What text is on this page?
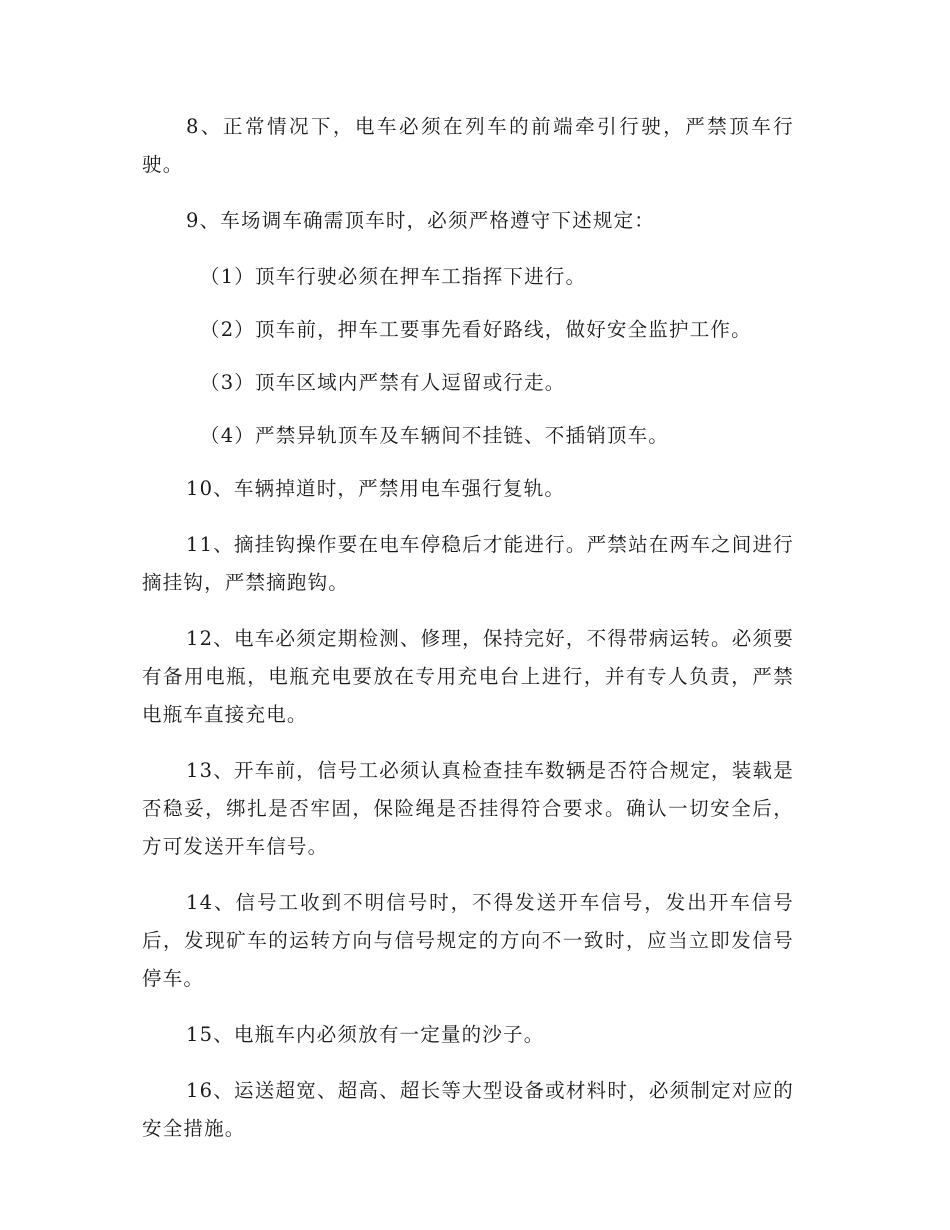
8、正常情况下，电车必须在列车的前端牵引行驶，严禁顶车行驶。

9、车场调车确需顶车时，必须严格遵守下述规定：

（1）顶车行驶必须在押车工指挥下进行。

（2）顶车前，押车工要事先看好路线，做好安全监护工作。

（3）顶车区域内严禁有人逗留或行走。

（4）严禁异轨顶车及车辆间不挂链、不插销顶车。

10、车辆掉道时，严禁用电车强行复轨。

11、摘挂钩操作要在电车停稳后才能进行。严禁站在两车之间进行摘挂钩，严禁摘跑钩。

12、电车必须定期检测、修理，保持完好，不得带病运转。必须要有备用电瓶，电瓶充电要放在专用充电台上进行，并有专人负责，严禁电瓶车直接充电。

13、开车前，信号工必须认真检查挂车数辆是否符合规定，装载是否稳妥，绑扎是否牢固，保险绳是否挂得符合要求。确认一切安全后，方可发送开车信号。

14、信号工收到不明信号时，不得发送开车信号，发出开车信号后，发现矿车的运转方向与信号规定的方向不一致时，应当立即发信号停车。

15、电瓶车内必须放有一定量的沙子。

16、运送超宽、超高、超长等大型设备或材料时，必须制定对应的安全措施。
